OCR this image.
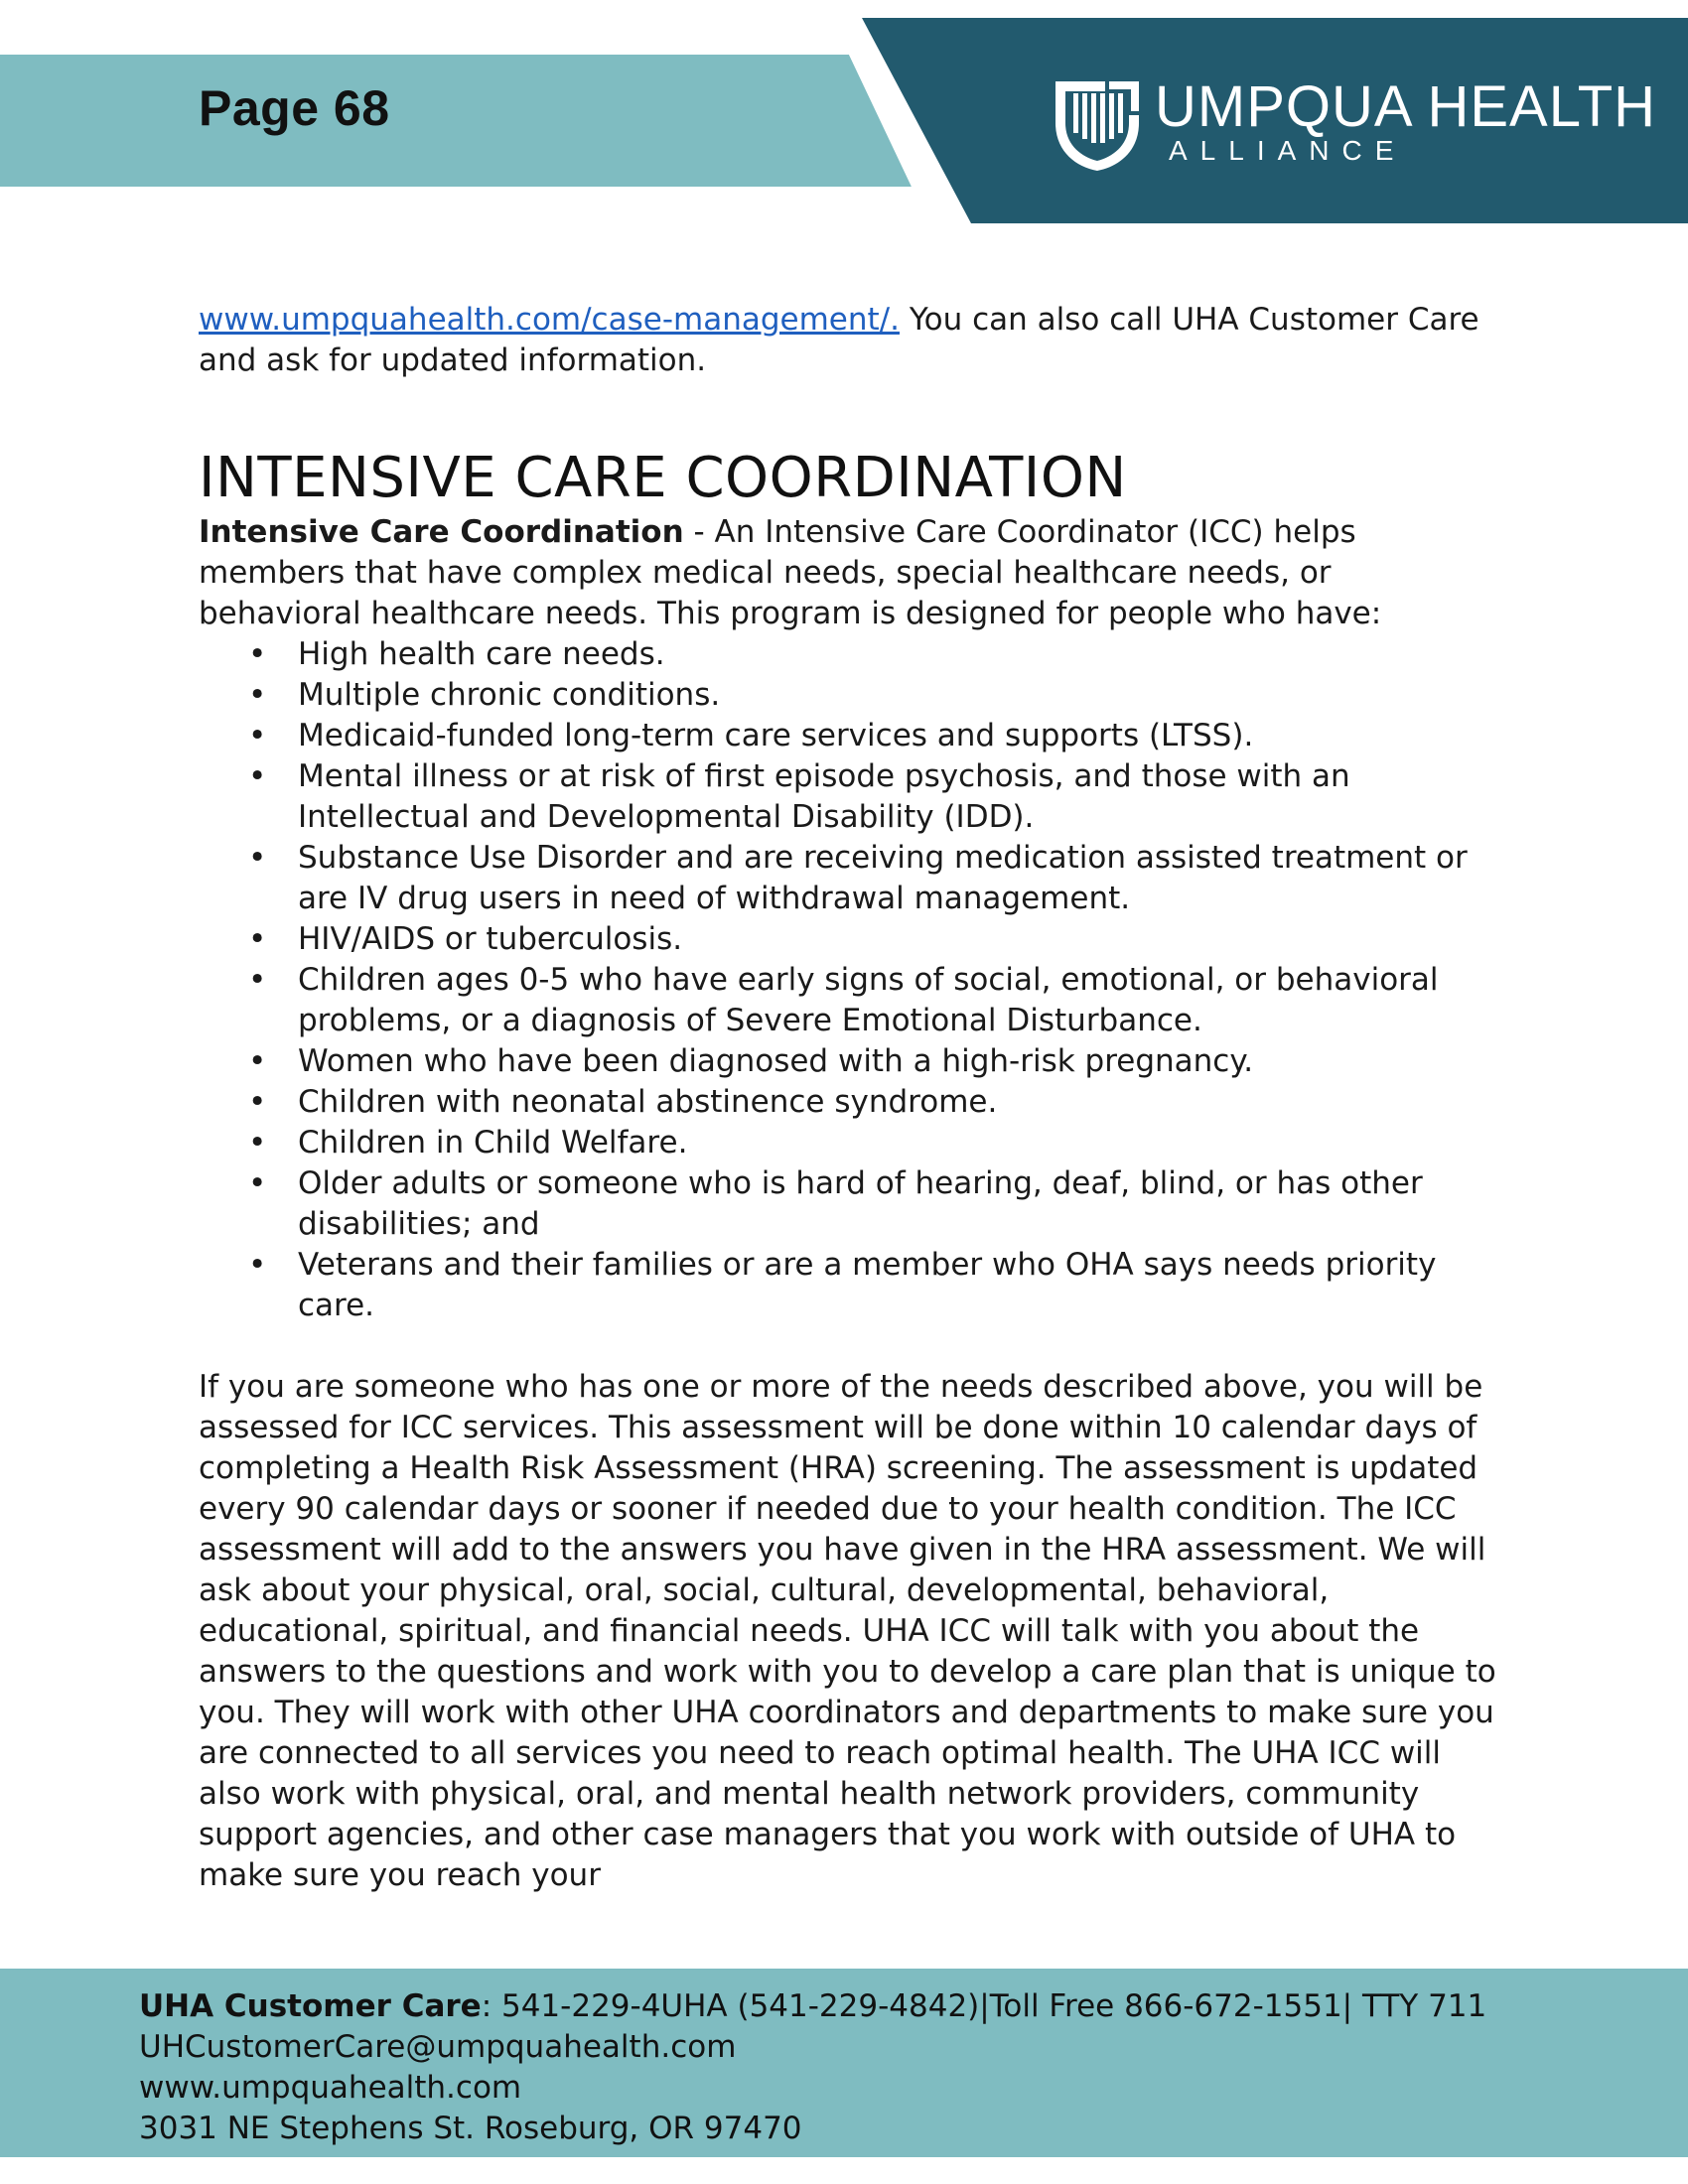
Page 68	UMPQUA HEALTH
ALLIANCE

www.umpquahealth.com/case-management/. You can also call UHA Customer Care and ask for updated information.

INTENSIVE CARE COORDINATION

Intensive Care Coordination - An Intensive Care Coordinator (ICC) helps members that have complex medical needs, special healthcare needs, or behavioral healthcare needs. This program is designed for people who have:

• High health care needs.
• Multiple chronic conditions.
• Medicaid-funded long-term care services and supports (LTSS).
• Mental illness or at risk of first episode psychosis, and those with an Intellectual and Developmental Disability (IDD).
• Substance Use Disorder and are receiving medication assisted treatment or are IV drug users in need of withdrawal management.
• HIV/AIDS or tuberculosis.
• Children ages 0-5 who have early signs of social, emotional, or behavioral problems, or a diagnosis of Severe Emotional Disturbance.
• Women who have been diagnosed with a high-risk pregnancy.
• Children with neonatal abstinence syndrome.
• Children in Child Welfare.
• Older adults or someone who is hard of hearing, deaf, blind, or has other disabilities; and
• Veterans and their families or are a member who OHA says needs priority care.

If you are someone who has one or more of the needs described above, you will be assessed for ICC services. This assessment will be done within 10 calendar days of completing a Health Risk Assessment (HRA) screening. The assessment is updated every 90 calendar days or sooner if needed due to your health condition. The ICC assessment will add to the answers you have given in the HRA assessment. We will ask about your physical, oral, social, cultural, developmental, behavioral, educational, spiritual, and financial needs. UHA ICC will talk with you about the answers to the questions and work with you to develop a care plan that is unique to you. They will work with other UHA coordinators and departments to make sure you are connected to all services you need to reach optimal health. The UHA ICC will also work with physical, oral, and mental health network providers, community support agencies, and other case managers that you work with outside of UHA to make sure you reach your

UHA Customer Care: 541-229-4UHA (541-229-4842)|Toll Free 866-672-1551| TTY 711
UHCustomerCare@umpquahealth.com
www.umpquahealth.com
3031 NE Stephens St. Roseburg, OR 97470
